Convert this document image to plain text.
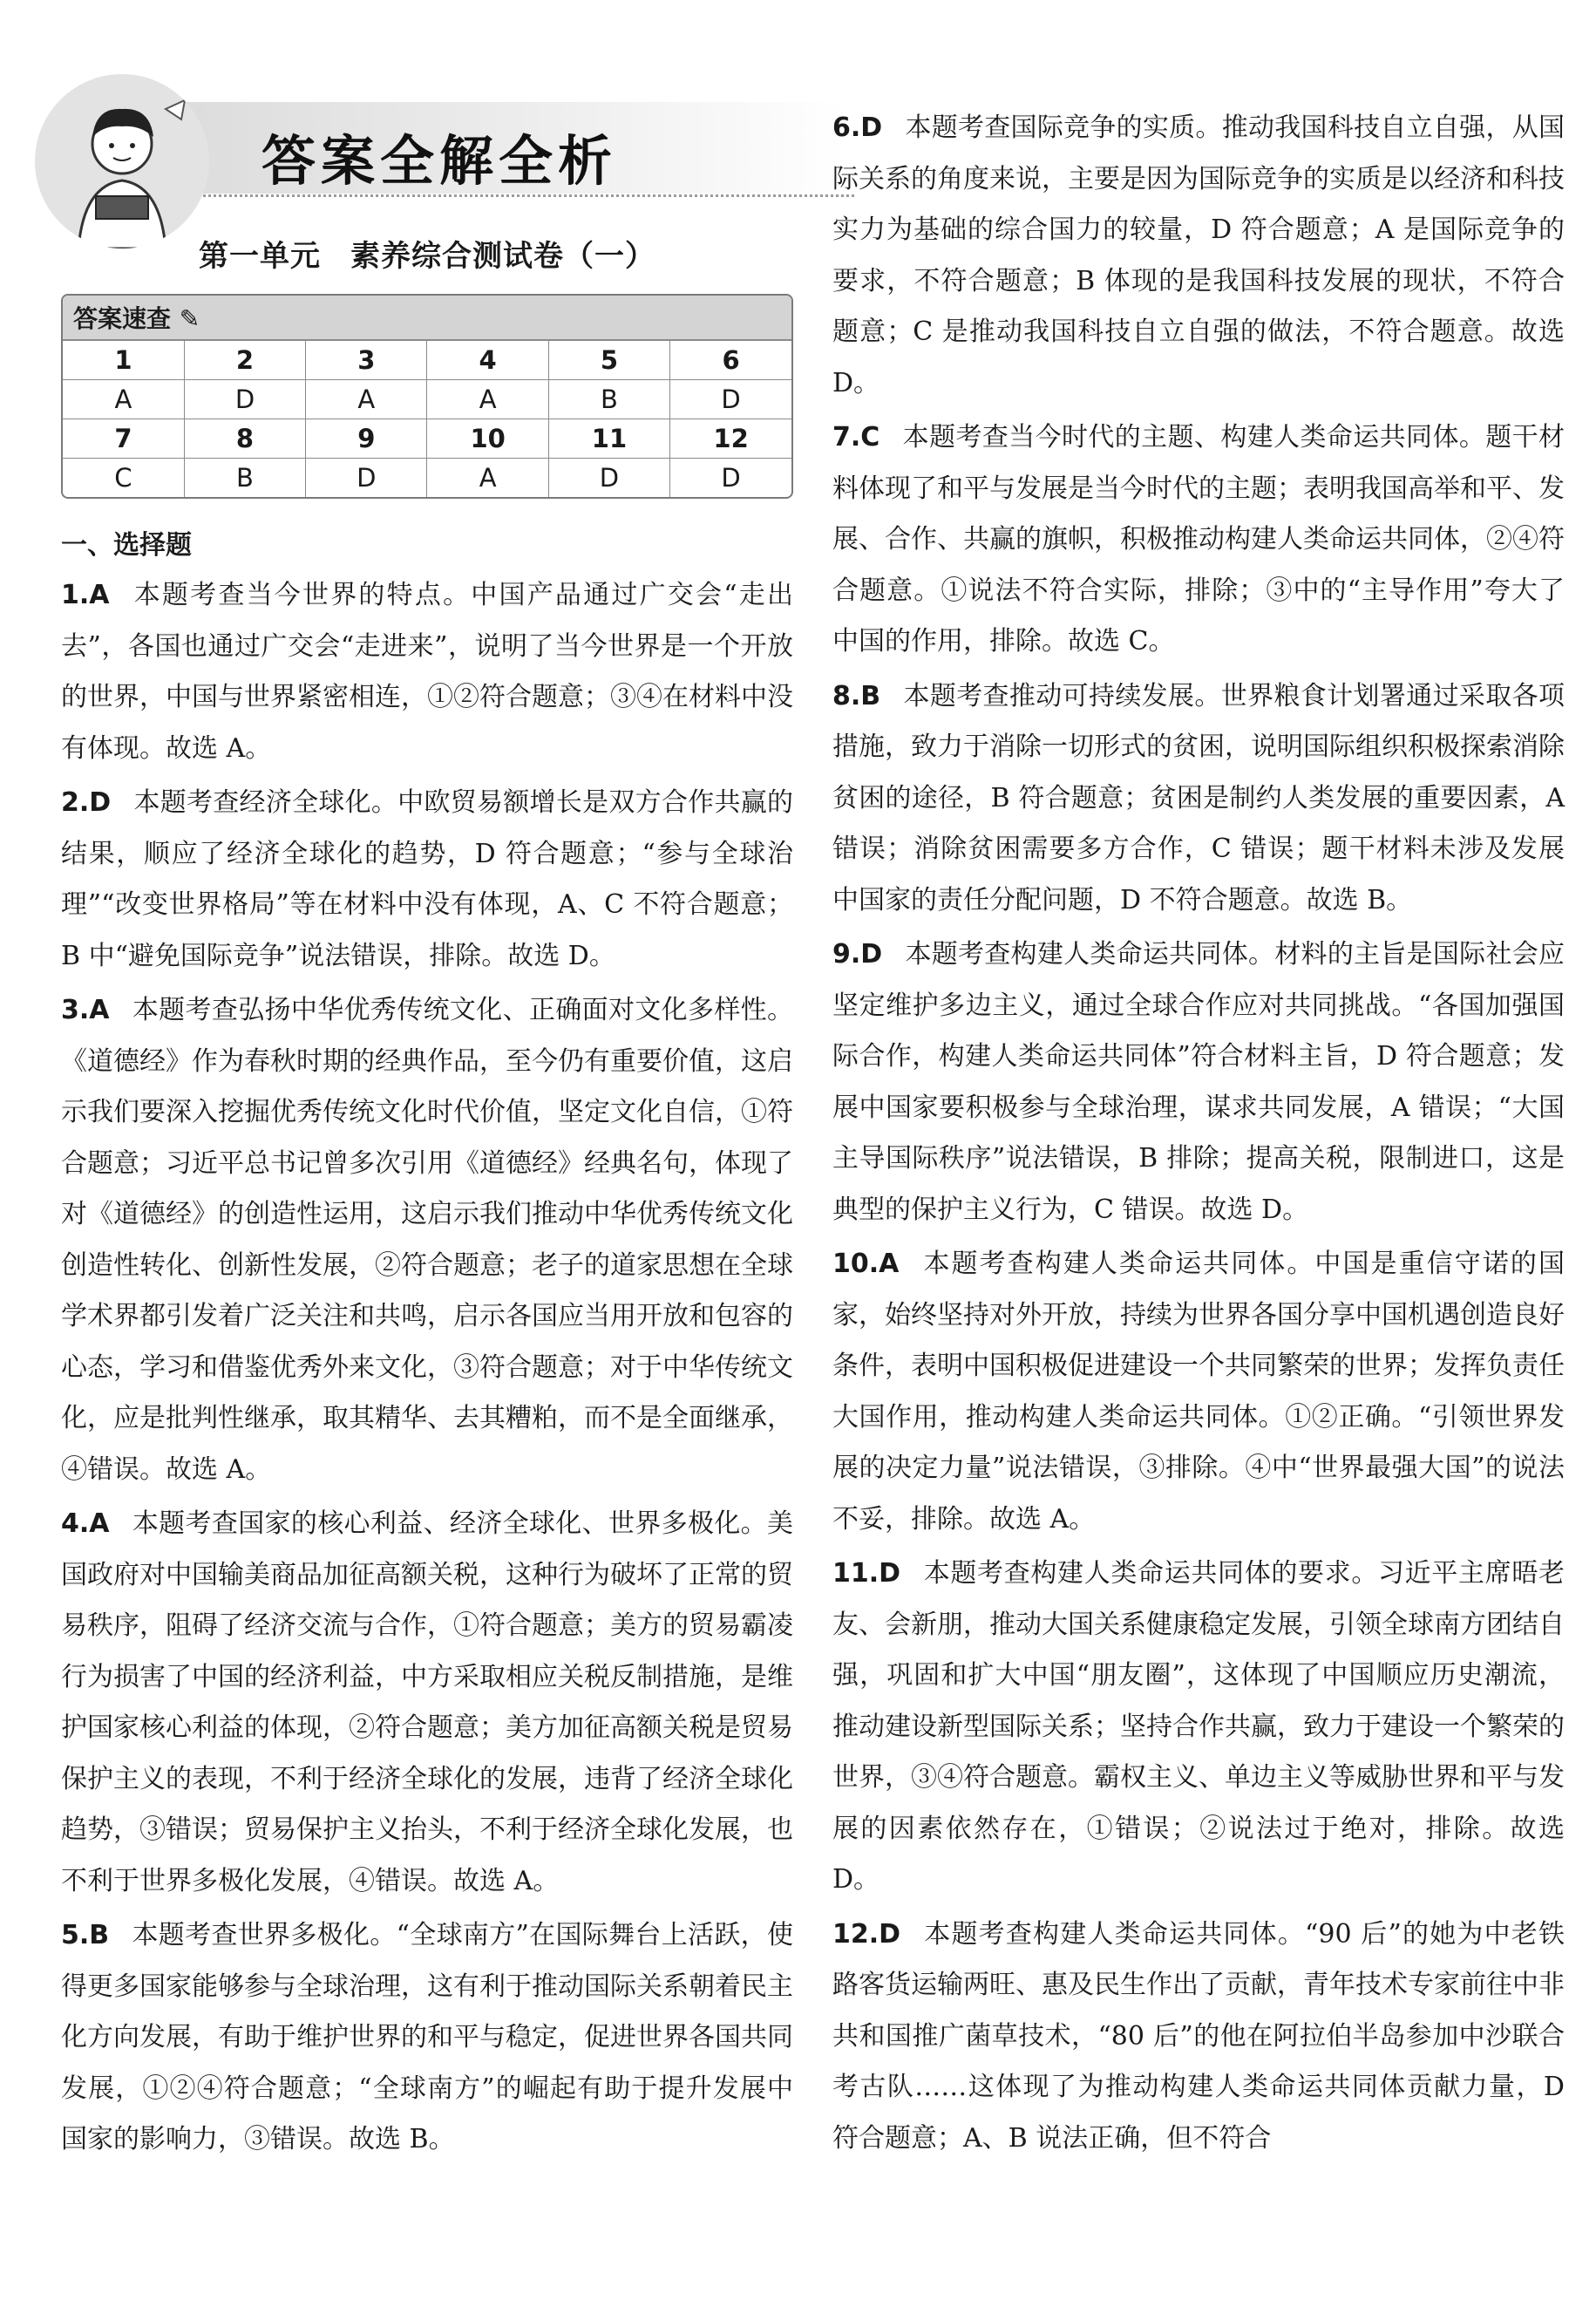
答案全解全析
第一单元 素养综合测试卷（一）
答案速查 ✎
1	2	3	4	5	6
A	D	A	A	B	D
7	8	9	10	11	12
C	B	D	A	D	D
一、选择题

1.A 本题考查当今世界的特点。中国产品通过广交会“走出去”，各国也通过广交会“走进来”，说明了当今世界是一个开放的世界，中国与世界紧密相连，①②符合题意；③④在材料中没有体现。故选 A。

2.D 本题考查经济全球化。中欧贸易额增长是双方合作共赢的结果，顺应了经济全球化的趋势，D 符合题意；“参与全球治理”“改变世界格局”等在材料中没有体现，A、C 不符合题意；B 中“避免国际竞争”说法错误，排除。故选 D。

3.A 本题考查弘扬中华优秀传统文化、正确面对文化多样性。《道德经》作为春秋时期的经典作品，至今仍有重要价值，这启示我们要深入挖掘优秀传统文化时代价值，坚定文化自信，①符合题意；习近平总书记曾多次引用《道德经》经典名句，体现了对《道德经》的创造性运用，这启示我们推动中华优秀传统文化创造性转化、创新性发展，②符合题意；老子的道家思想在全球学术界都引发着广泛关注和共鸣，启示各国应当用开放和包容的心态，学习和借鉴优秀外来文化，③符合题意；对于中华传统文化，应是批判性继承，取其精华、去其糟粕，而不是全面继承，④错误。故选 A。

4.A 本题考查国家的核心利益、经济全球化、世界多极化。美国政府对中国输美商品加征高额关税，这种行为破坏了正常的贸易秩序，阻碍了经济交流与合作，①符合题意；美方的贸易霸凌行为损害了中国的经济利益，中方采取相应关税反制措施，是维护国家核心利益的体现，②符合题意；美方加征高额关税是贸易保护主义的表现，不利于经济全球化的发展，违背了经济全球化趋势，③错误；贸易保护主义抬头，不利于经济全球化发展，也不利于世界多极化发展，④错误。故选 A。

5.B 本题考查世界多极化。“全球南方”在国际舞台上活跃，使得更多国家能够参与全球治理，这有利于推动国际关系朝着民主化方向发展，有助于维护世界的和平与稳定，促进世界各国共同发展，①②④符合题意；“全球南方”的崛起有助于提升发展中国家的影响力，③错误。故选 B。

6.D 本题考查国际竞争的实质。推动我国科技自立自强，从国际关系的角度来说，主要是因为国际竞争的实质是以经济和科技实力为基础的综合国力的较量，D 符合题意；A 是国际竞争的要求，不符合题意；B 体现的是我国科技发展的现状，不符合题意；C 是推动我国科技自立自强的做法，不符合题意。故选 D。

7.C 本题考查当今时代的主题、构建人类命运共同体。题干材料体现了和平与发展是当今时代的主题；表明我国高举和平、发展、合作、共赢的旗帜，积极推动构建人类命运共同体，②④符合题意。①说法不符合实际，排除；③中的“主导作用”夸大了中国的作用，排除。故选 C。

8.B 本题考查推动可持续发展。世界粮食计划署通过采取各项措施，致力于消除一切形式的贫困，说明国际组织积极探索消除贫困的途径，B 符合题意；贫困是制约人类发展的重要因素，A 错误；消除贫困需要多方合作，C 错误；题干材料未涉及发展中国家的责任分配问题，D 不符合题意。故选 B。

9.D 本题考查构建人类命运共同体。材料的主旨是国际社会应坚定维护多边主义，通过全球合作应对共同挑战。“各国加强国际合作，构建人类命运共同体”符合材料主旨，D 符合题意；发展中国家要积极参与全球治理，谋求共同发展，A 错误；“大国主导国际秩序”说法错误，B 排除；提高关税，限制进口，这是典型的保护主义行为，C 错误。故选 D。

10.A 本题考查构建人类命运共同体。中国是重信守诺的国家，始终坚持对外开放，持续为世界各国分享中国机遇创造良好条件，表明中国积极促进建设一个共同繁荣的世界；发挥负责任大国作用，推动构建人类命运共同体。①②正确。“引领世界发展的决定力量”说法错误，③排除。④中“世界最强大国”的说法不妥，排除。故选 A。

11.D 本题考查构建人类命运共同体的要求。习近平主席晤老友、会新朋，推动大国关系健康稳定发展，引领全球南方团结自强，巩固和扩大中国“朋友圈”，这体现了中国顺应历史潮流，推动建设新型国际关系；坚持合作共赢，致力于建设一个繁荣的世界，③④符合题意。霸权主义、单边主义等威胁世界和平与发展的因素依然存在，①错误；②说法过于绝对，排除。故选 D。

12.D 本题考查构建人类命运共同体。“90 后”的她为中老铁路客货运输两旺、惠及民生作出了贡献，青年技术专家前往中非共和国推广菌草技术，“80 后”的他在阿拉伯半岛参加中沙联合考古队……这体现了为推动构建人类命运共同体贡献力量，D 符合题意；A、B 说法正确，但不符合
